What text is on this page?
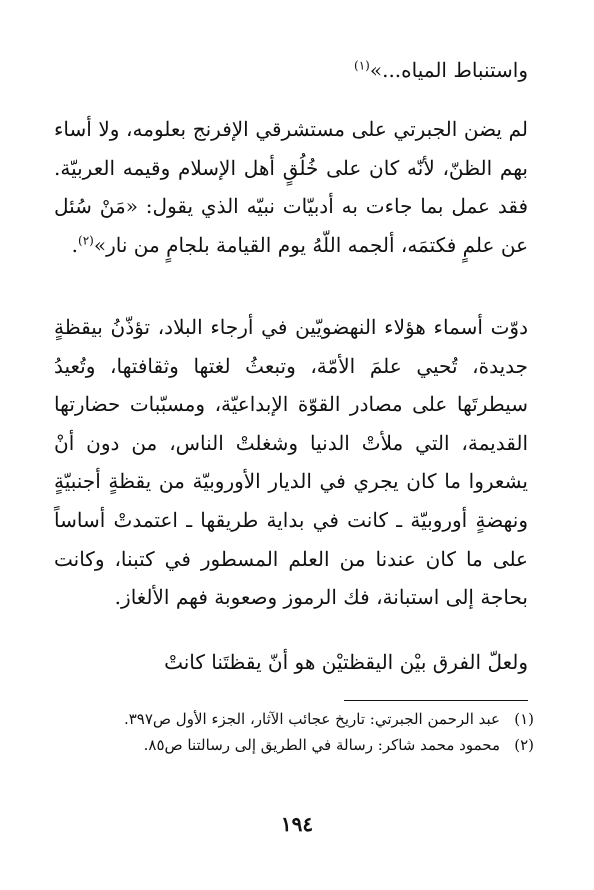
واستنباط المياه...»$^{(١)}$

لم يضن الجبرتي على مستشرقي الإفرنج بعلومه، ولا أساء بهم الظنّ، لأنّه كان على خُلُقٍ أهل الإسلام وقيمه العربيّة. فقد عمل بما جاءت به أدبيّات نبيّه الذي يقول: «مَنْ سُئل عن علمٍ فكتمَه، ألجمه اللّهُ يوم القيامة بلجامٍ من نار»$^{(٢)}$.

دوّت أسماء هؤلاء النهضويّين في أرجاء البلاد، تؤذّنُ بيقظةٍ جديدة، تُحيي علمَ الأمّة، وتبعثُ لغتها وثقافتها، وتُعيدُ سيطرتَها على مصادر القوّة الإبداعيّة، ومسبّبات حضارتها القديمة، التي ملأتْ الدنيا وشغلتْ الناس، من دون أنْ يشعروا ما كان يجري في الديار الأوروبيّة من يقظةٍ أجنبيّةٍ ونهضةٍ أوروبيّة ـ كانت في بداية طريقها ـ اعتمدتْ أساساً على ما كان عندنا من العلم المسطور في كتبنا، وكانت بحاجة إلى استبانة، فك الرموز وصعوبة فهم الألغاز.

ولعلّ الفرق بيْن اليقظتيْن هو أنّ يقظتَنا كانتْ

(١)
عبد الرحمن الجبرتي: تاريخ عجائب الآثار، الجزء الأول ص٣٩٧.
(٢)
محمود محمد شاكر: رسالة في الطريق إلى رسالتنا ص٨٥.
١٩٤
